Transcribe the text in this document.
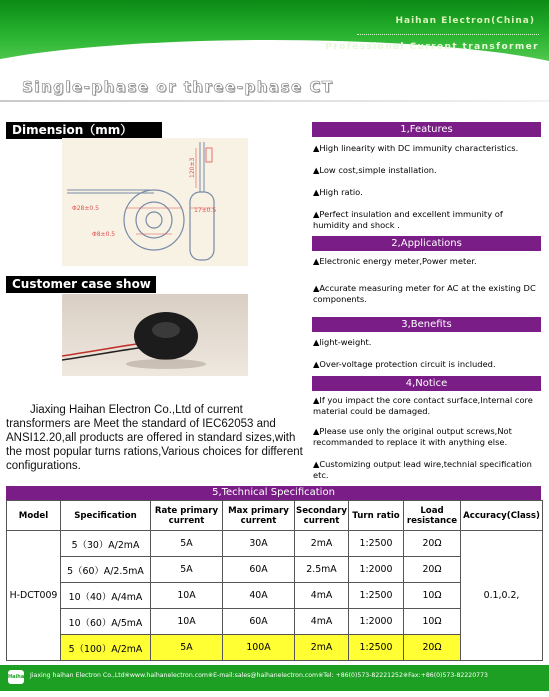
Haihan Electron(China)
Professional Current transformer
Single-phase or three-phase CT
Dimension（mm）
Φ28±0.5
Φ8±0.5
17±0.5
120±3
Customer case show
Jiaxing Haihan Electron Co.,Ltd of current transformers are Meet the standard of IEC62053 and ANSI12.20,all products are offered in standard sizes,with the most popular turns rations,Various choices for different configurations.
1,Features
▲High linearity with DC immunity characteristics.
▲Low cost,simple installation.
▲High ratio.
▲Perfect insulation and excellent immunity of humidity and shock .
2,Applications
▲Electronic energy meter,Power meter.
▲Accurate measuring meter for AC at the existing DC components.
3,Benefits
▲light-weight.
▲Over-voltage protection circuit is included.
4,Notice
▲If you impact the core contact surface,Internal core material could be damaged.
▲Please use only the original output screws,Not recommanded to replace it with anything else.
▲Customizing output lead wire,technial specification etc.
5,Technical Specification
Model	Specification	Rate primary current	Max primary current	Secondary current	Turn ratio	Load resistance	Accuracy(Class)
H-DCT009	5（30）A/2mA	5A	30A	2mA	1:2500	20Ω	0.1,0.2,
	5（60）A/2.5mA	5A	60A	2.5mA	1:2000	20Ω	
	10（40）A/4mA	10A	40A	4mA	1:2500	10Ω	
	10（60）A/5mA	10A	60A	4mA	1:2000	10Ω	
	5（100）A/2mA	5A	100A	2mA	1:2500	20Ω	
Haihan Jiaxing haihan Electron Co.,Ltd※www.haihanelectron.com※E-mail:sales@haihanelectron.com※Tel: +86(0)573-82221252※Fax:+86(0)573-82220773
